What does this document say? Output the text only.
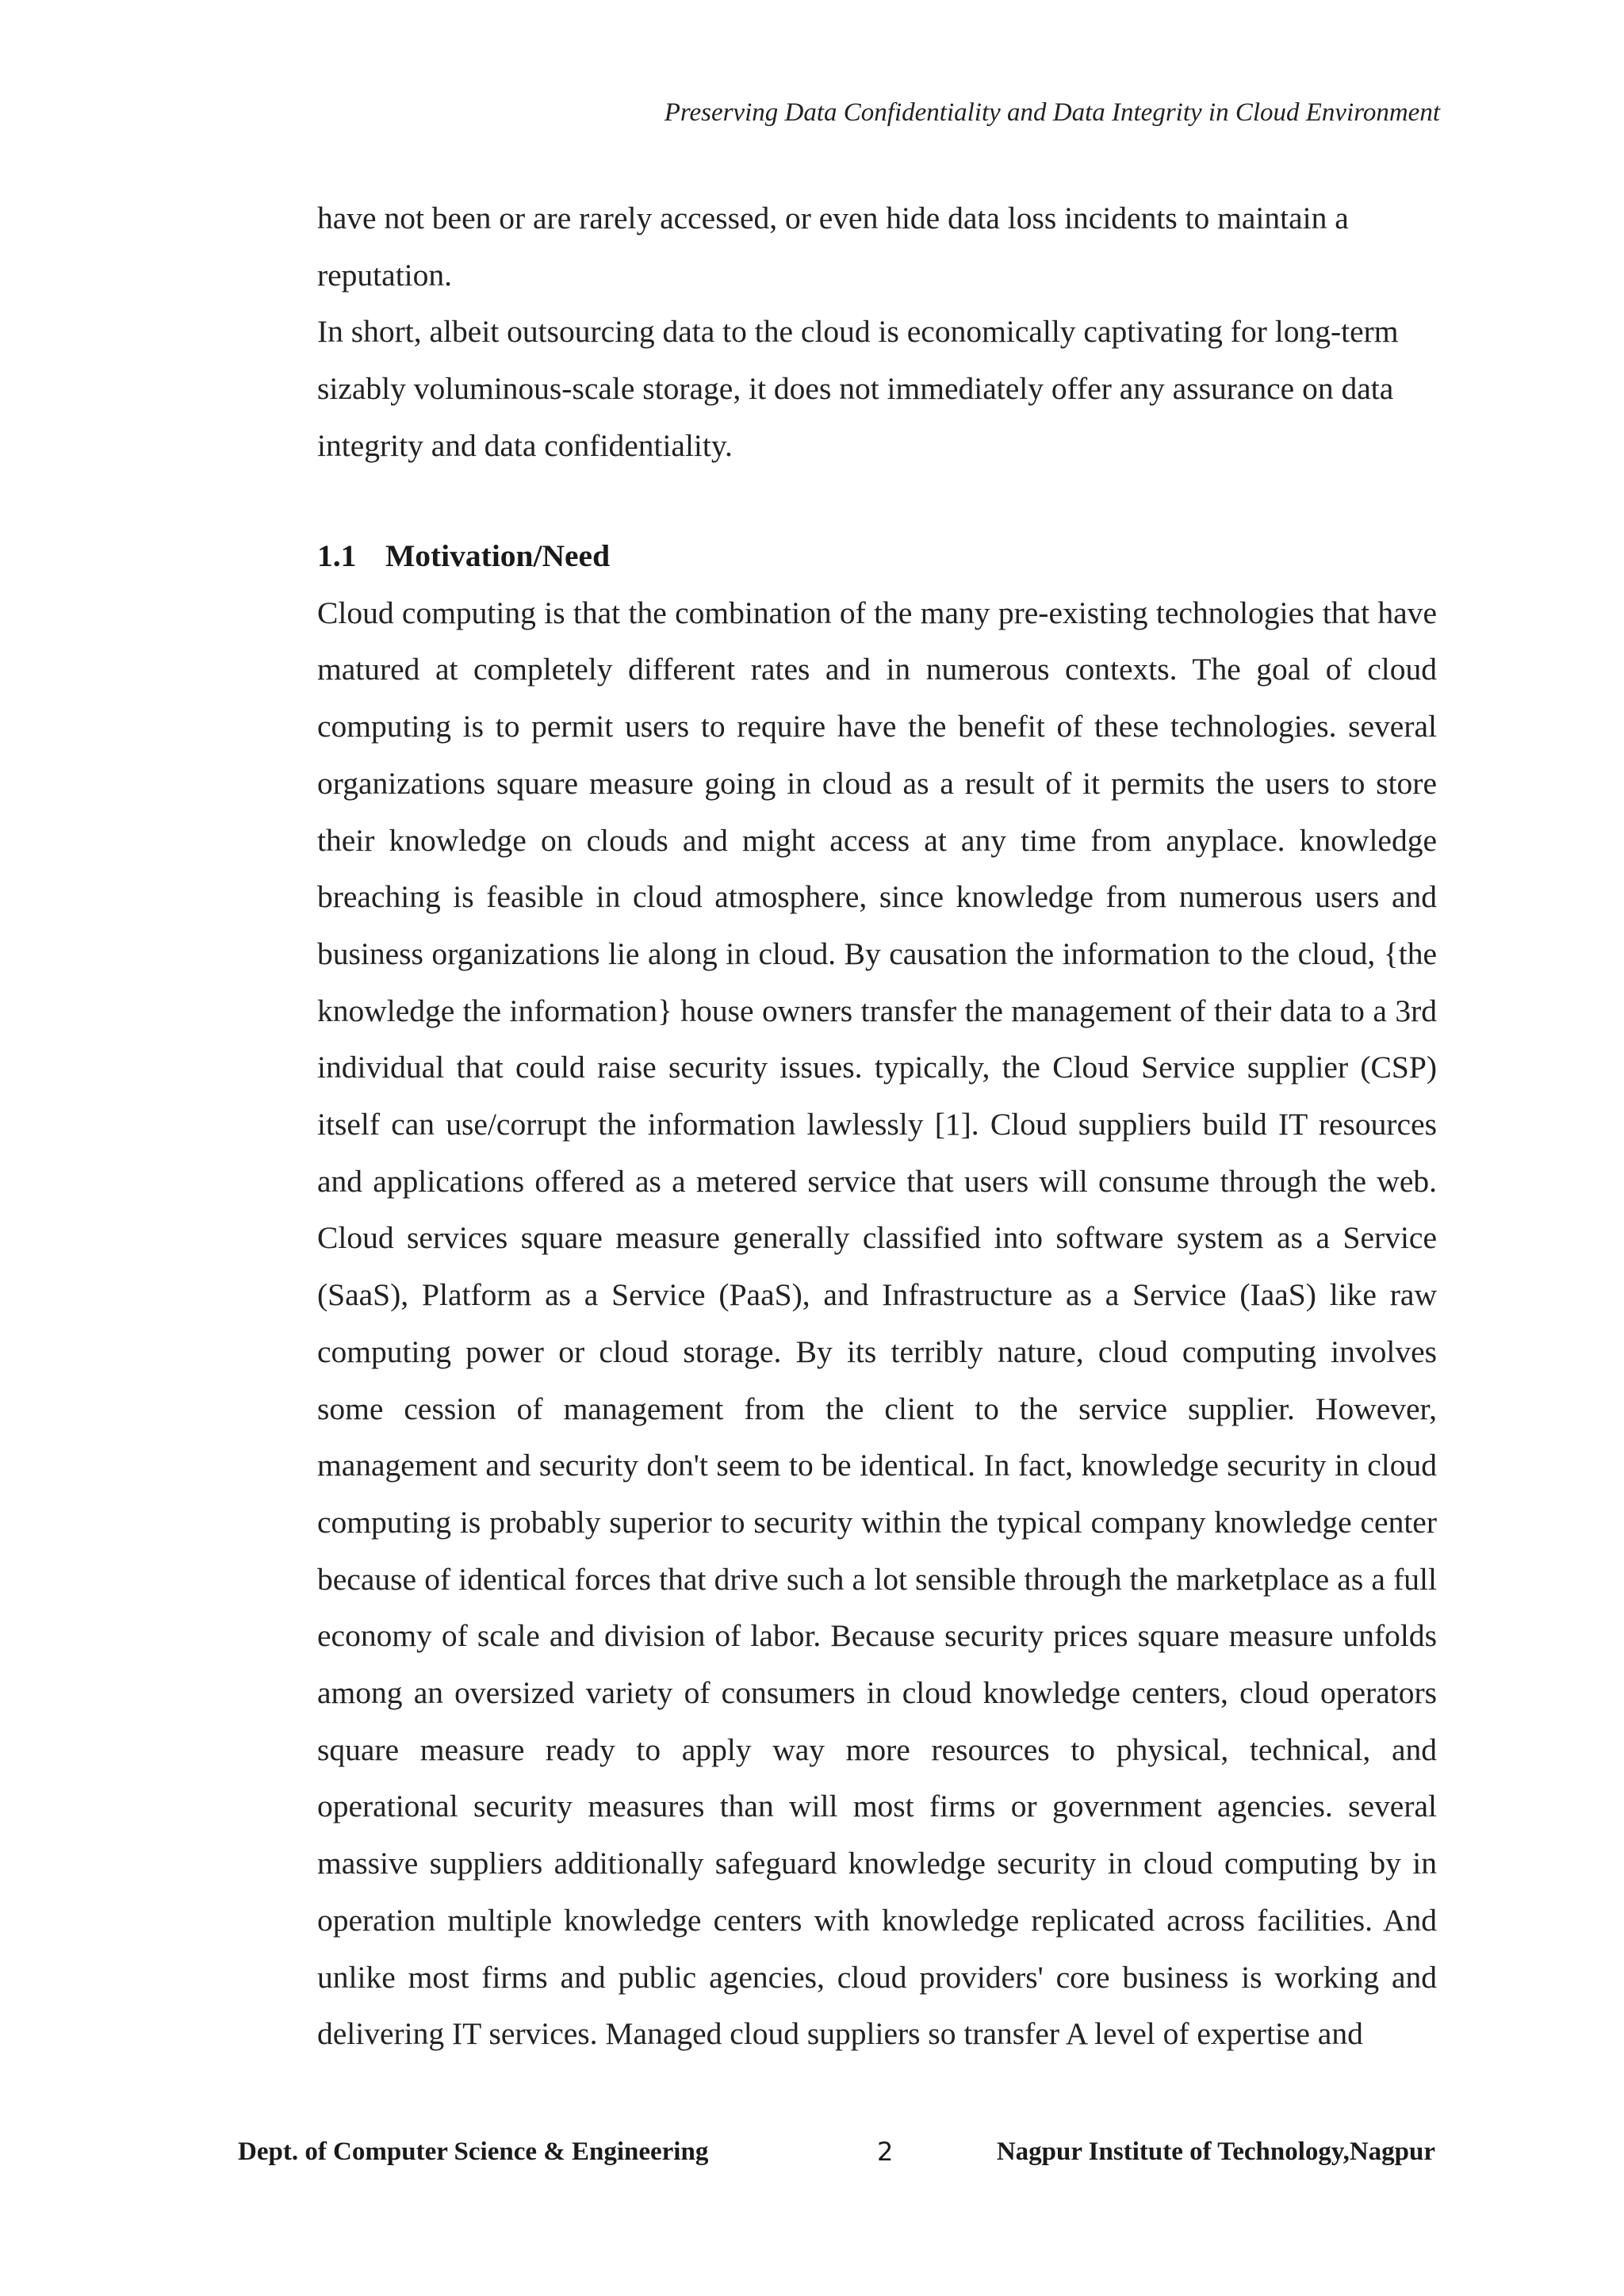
Preserving Data Confidentiality and Data Integrity in Cloud Environment

have not been or are rarely accessed, or even hide data loss incidents to maintain a reputation.

In short, albeit outsourcing data to the cloud is economically captivating for long-term sizably voluminous-scale storage, it does not immediately offer any assurance on data integrity and data confidentiality.

1.1 Motivation/Need

Cloud computing is that the combination of the many pre-existing technologies that have matured at completely different rates and in numerous contexts. The goal of cloud computing is to permit users to require have the benefit of these technologies. several organizations square measure going in cloud as a result of it permits the users to store their knowledge on clouds and might access at any time from anyplace. knowledge breaching is feasible in cloud atmosphere, since knowledge from numerous users and business organizations lie along in cloud. By causation the information to the cloud, {the knowledge the information} house owners transfer the management of their data to a 3rd individual that could raise security issues. typically, the Cloud Service supplier (CSP) itself can use/corrupt the information lawlessly [1]. Cloud suppliers build IT resources and applications offered as a metered service that users will consume through the web. Cloud services square measure generally classified into software system as a Service (SaaS), Platform as a Service (PaaS), and Infrastructure as a Service (IaaS) like raw computing power or cloud storage. By its terribly nature, cloud computing involves some cession of management from the client to the service supplier. However, management and security don't seem to be identical. In fact, knowledge security in cloud computing is probably superior to security within the typical company knowledge center because of identical forces that drive such a lot sensible through the marketplace as a full economy of scale and division of labor. Because security prices square measure unfolds among an oversized variety of consumers in cloud knowledge centers, cloud operators square measure ready to apply way more resources to physical, technical, and operational security measures than will most firms or government agencies. several massive suppliers additionally safeguard knowledge security in cloud computing by in operation multiple knowledge centers with knowledge replicated across facilities. And unlike most firms and public agencies, cloud providers' core business is working and delivering IT services. Managed cloud suppliers so transfer A level of expertise and

Dept. of Computer Science & Engineering	2	Nagpur Institute of Technology,Nagpur
